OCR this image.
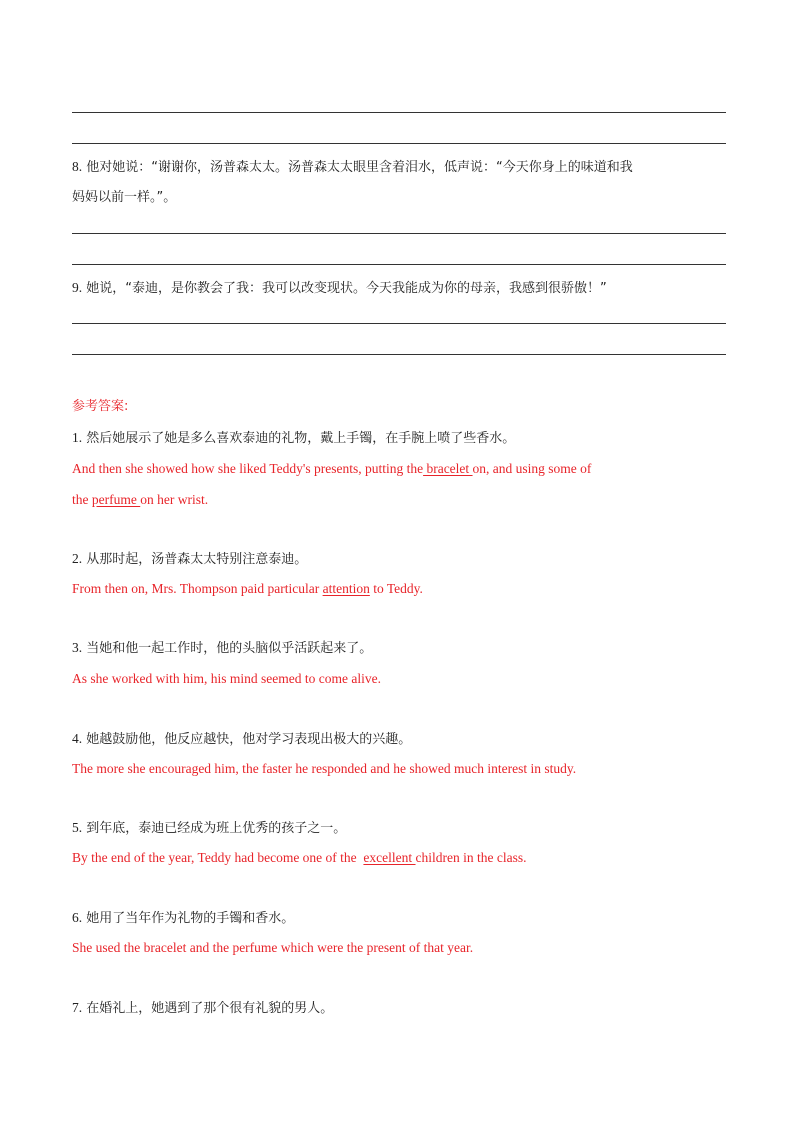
8. 他对她说：“谢谢你，汤普森太太。汤普森太太眼里含着泪水，低声说：“今天你身上的味道和我
妈妈以前一样。”。
9. 她说，“泰迪，是你教会了我：我可以改变现状。今天我能成为你的母亲，我感到很骄傲！”
参考答案:
1. 然后她展示了她是多么喜欢泰迪的礼物，戴上手镯，在手腕上喷了些香水。
And then she showed how she liked Teddy's presents, putting the bracelet on, and using some of
the perfume on her wrist.
2. 从那时起，汤普森太太特别注意泰迪。
From then on, Mrs. Thompson paid particular attention to Teddy.
3. 当她和他一起工作时，他的头脑似乎活跃起来了。
As she worked with him, his mind seemed to come alive.
4. 她越鼓励他，他反应越快，他对学习表现出极大的兴趣。
The more she encouraged him, the faster he responded and he showed much interest in study.
5. 到年底，泰迪已经成为班上优秀的孩子之一。
By the end of the year, Teddy had become one of the  excellent children in the class.
6. 她用了当年作为礼物的手镯和香水。
She used the bracelet and the perfume which were the present of that year.
7. 在婚礼上，她遇到了那个很有礼貌的男人。
